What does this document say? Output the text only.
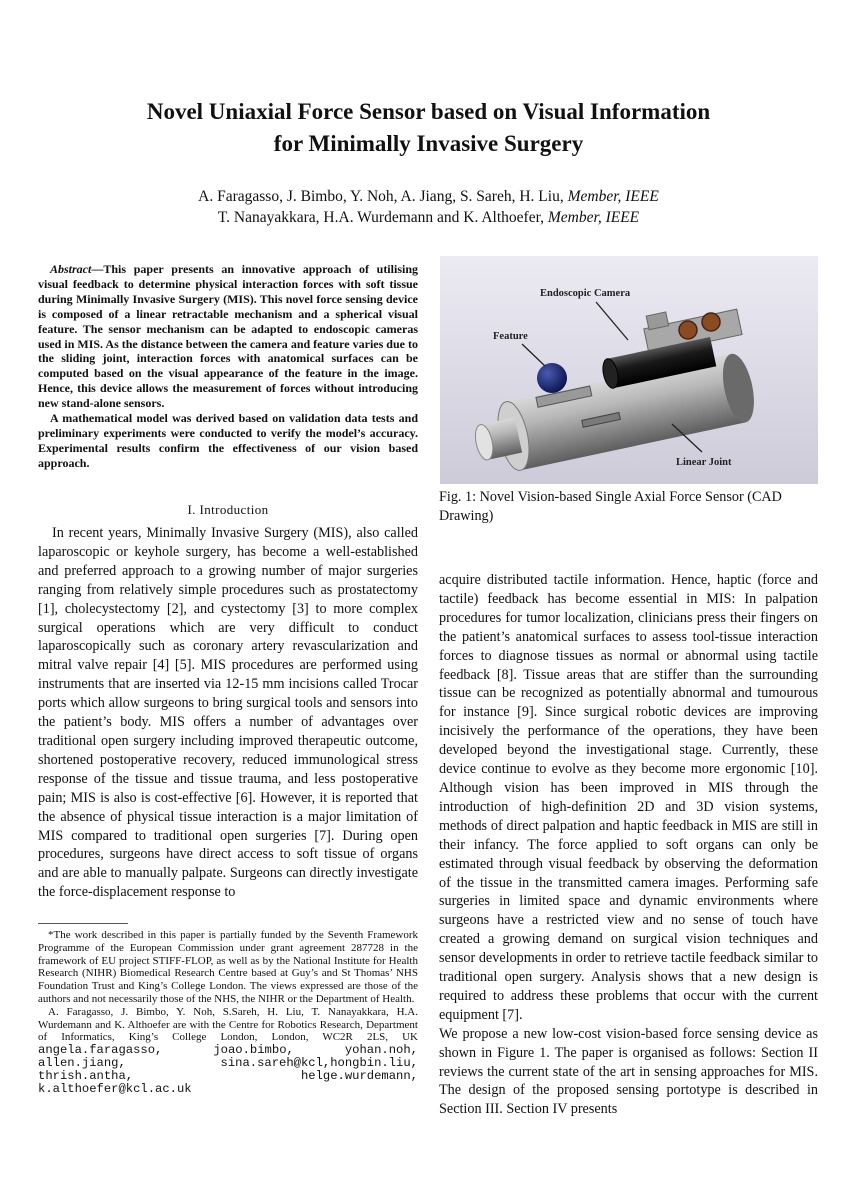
Novel Uniaxial Force Sensor based on Visual Information
for Minimally Invasive Surgery
A. Faragasso, J. Bimbo, Y. Noh, A. Jiang, S. Sareh, H. Liu, Member, IEEE
T. Nanayakkara, H.A. Wurdemann and K. Althoefer, Member, IEEE

Abstract—This paper presents an innovative approach of utilising visual feedback to determine physical interaction forces with soft tissue during Minimally Invasive Surgery (MIS). This novel force sensing device is composed of a linear retractable mechanism and a spherical visual feature. The sensor mechanism can be adapted to endoscopic cameras used in MIS. As the distance between the camera and feature varies due to the sliding joint, interaction forces with anatomical surfaces can be computed based on the visual appearance of the feature in the image. Hence, this device allows the measurement of forces without introducing new stand-alone sensors.

A mathematical model was derived based on validation data tests and preliminary experiments were conducted to verify the model’s accuracy. Experimental results confirm the effectiveness of our vision based approach.

I. Introduction

In recent years, Minimally Invasive Surgery (MIS), also called laparoscopic or keyhole surgery, has become a well-established and preferred approach to a growing number of major surgeries ranging from relatively simple procedures such as prostatectomy [1], cholecystectomy [2], and cystectomy [3] to more complex surgical operations which are very difficult to conduct laparoscopically such as coronary artery revascularization and mitral valve repair [4] [5]. MIS procedures are performed using instruments that are inserted via 12-15 mm incisions called Trocar ports which allow surgeons to bring surgical tools and sensors into the patient’s body. MIS offers a number of advantages over traditional open surgery including improved therapeutic outcome, shortened postoperative recovery, reduced immunological stress response of the tissue and tissue trauma, and less postoperative pain; MIS is also is cost-effective [6]. However, it is reported that the absence of physical tissue interaction is a major limitation of MIS compared to traditional open surgeries [7]. During open procedures, surgeons have direct access to soft tissue of organs and are able to manually palpate. Surgeons can directly investigate the force-displacement response to

*The work described in this paper is partially funded by the Seventh Framework Programme of the European Commission under grant agreement 287728 in the framework of EU project STIFF-FLOP, as well as by the National Institute for Health Research (NIHR) Biomedical Research Centre based at Guy’s and St Thomas’ NHS Foundation Trust and King’s College London. The views expressed are those of the authors and not necessarily those of the NHS, the NIHR or the Department of Health.

A. Faragasso, J. Bimbo, Y. Noh, S.Sareh, H. Liu, T. Nanayakkara, H.A. Wurdemann and K. Althoefer are with the Centre for Robotics Research, Department of Informatics, King’s College London, London, WC2R 2LS, UK angela.faragasso, joao.bimbo, yohan.noh, allen.jiang, sina.sareh@kcl,hongbin.liu, thrish.antha, helge.wurdemann, k.althoefer@kcl.ac.uk

Endoscopic Camera
Feature
Linear Joint
Fig. 1: Novel Vision-based Single Axial Force Sensor (CAD Drawing)

acquire distributed tactile information. Hence, haptic (force and tactile) feedback has become essential in MIS: In palpation procedures for tumor localization, clinicians press their fingers on the patient’s anatomical surfaces to assess tool-tissue interaction forces to diagnose tissues as normal or abnormal using tactile feedback [8]. Tissue areas that are stiffer than the surrounding tissue can be recognized as potentially abnormal and tumourous for instance [9]. Since surgical robotic devices are improving incisively the performance of the operations, they have been developed beyond the investigational stage. Currently, these device continue to evolve as they become more ergonomic [10]. Although vision has been improved in MIS through the introduction of high-definition 2D and 3D vision systems, methods of direct palpation and haptic feedback in MIS are still in their infancy. The force applied to soft organs can only be estimated through visual feedback by observing the deformation of the tissue in the transmitted camera images. Performing safe surgeries in limited space and dynamic environments where surgeons have a restricted view and no sense of touch have created a growing demand on surgical vision techniques and sensor developments in order to retrieve tactile feedback similar to traditional open surgery. Analysis shows that a new design is required to address these problems that occur with the current equipment [7].

We propose a new low-cost vision-based force sensing device as shown in Figure 1. The paper is organised as follows: Section II reviews the current state of the art in sensing approaches for MIS. The design of the proposed sensing portotype is described in Section III. Section IV presents
